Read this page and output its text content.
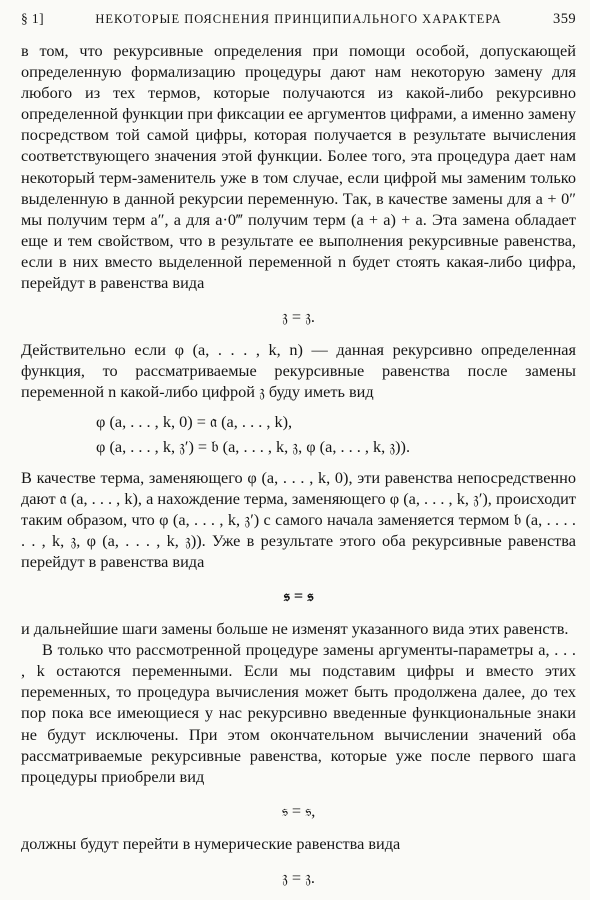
§ 1]	НЕКОТОРЫЕ ПОЯСНЕНИЯ ПРИНЦИПИАЛЬНОГО ХАРАКТЕРА	359

в том, что рекурсивные определения при помощи особой, допускающей определенную формализацию процедуры дают нам некоторую замену для любого из тех термов, которые получаются из какой-либо рекурсивно определенной функции при фиксации ее аргументов цифрами, а именно замену посредством той самой цифры, которая получается в результате вычисления соответствующего значения этой функции. Более того, эта процедура дает нам некоторый терм-заменитель уже в том случае, если цифрой мы заменим только выделенную в данной рекурсии переменную. Так, в качестве замены для a + 0″ мы получим терм a″, а для a·0‴ получим терм (a + a) + a. Эта замена обладает еще и тем свойством, что в результате ее выполнения рекурсивные равенства, если в них вместо выделенной переменной n будет стоять какая-либо цифра, перейдут в равенства вида

𝔷 = 𝔷.

Действительно если φ (a, . . . , k, n) — данная рекурсивно определенная функция, то рассматриваемые рекурсивные равенства после замены переменной n какой-либо цифрой 𝔷 буду иметь вид

φ (a, . . . , k, 0) = 𝔞 (a, . . . , k),
φ (a, . . . , k, 𝔷′) = 𝔟 (a, . . . , k, 𝔷, φ (a, . . . , k, 𝔷)).

В качестве терма, заменяющего φ (a, . . . , k, 0), эти равенства непосредственно дают 𝔞 (a, . . . , k), а нахождение терма, заменяющего φ (a, . . . , k, 𝔷′), происходит таким образом, что φ (a, . . . , k, 𝔷′) с самого начала заменяется термом 𝔟 (a, . . . . . . , k, 𝔷, φ (a, . . . , k, 𝔷)). Уже в результате этого оба рекурсивные равенства перейдут в равенства вида

𝔰 = 𝔰

и дальнейшие шаги замены больше не изменят указанного вида этих равенств.

В только что рассмотренной процедуре замены аргументы-параметры a, . . . , k остаются переменными. Если мы подставим цифры и вместо этих переменных, то процедура вычисления может быть продолжена далее, до тех пор пока все имеющиеся у нас рекурсивно введенные функциональные знаки не будут исключены. При этом окончательном вычислении значений оба рассматриваемые рекурсивные равенства, которые уже после первого шага процедуры приобрели вид

𝔰 = 𝔰,

должны будут перейти в нумерические равенства вида

𝔷 = 𝔷.
